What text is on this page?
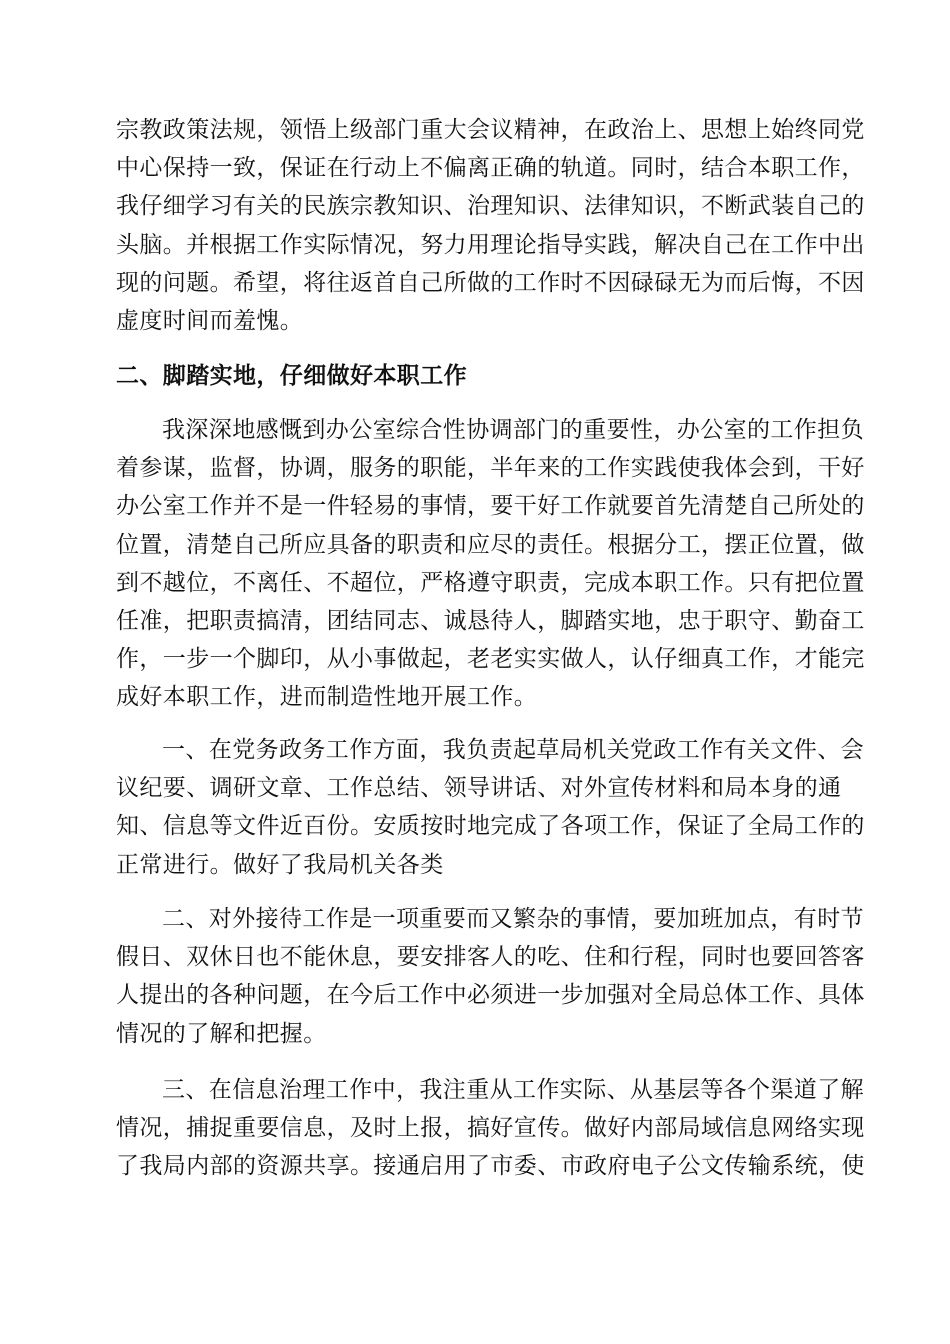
宗教政策法规，领悟上级部门重大会议精神，在政治上、思想上始终同党
中心保持一致，保证在行动上不偏离正确的轨道。同时，结合本职工作，
我仔细学习有关的民族宗教知识、治理知识、法律知识，不断武装自己的
头脑。并根据工作实际情况，努力用理论指导实践，解决自己在工作中出
现的问题。希望，将往返首自己所做的工作时不因碌碌无为而后悔，不因
虚度时间而羞愧。

二、脚踏实地，仔细做好本职工作

我深深地感慨到办公室综合性协调部门的重要性，办公室的工作担负
着参谋，监督，协调，服务的职能，半年来的工作实践使我体会到，干好
办公室工作并不是一件轻易的事情，要干好工作就要首先清楚自己所处的
位置，清楚自己所应具备的职责和应尽的责任。根据分工，摆正位置，做
到不越位，不离任、不超位，严格遵守职责，完成本职工作。只有把位置
任准，把职责搞清，团结同志、诚恳待人，脚踏实地，忠于职守、勤奋工
作，一步一个脚印，从小事做起，老老实实做人，认仔细真工作，才能完
成好本职工作，进而制造性地开展工作。

一、在党务政务工作方面，我负责起草局机关党政工作有关文件、会
议纪要、调研文章、工作总结、领导讲话、对外宣传材料和局本身的通
知、信息等文件近百份。安质按时地完成了各项工作，保证了全局工作的
正常进行。做好了我局机关各类

二、对外接待工作是一项重要而又繁杂的事情，要加班加点，有时节
假日、双休日也不能休息，要安排客人的吃、住和行程，同时也要回答客
人提出的各种问题，在今后工作中必须进一步加强对全局总体工作、具体
情况的了解和把握。

三、在信息治理工作中，我注重从工作实际、从基层等各个渠道了解
情况，捕捉重要信息，及时上报，搞好宣传。做好内部局域信息网络实现
了我局内部的资源共享。接通启用了市委、市政府电子公文传输系统，使
